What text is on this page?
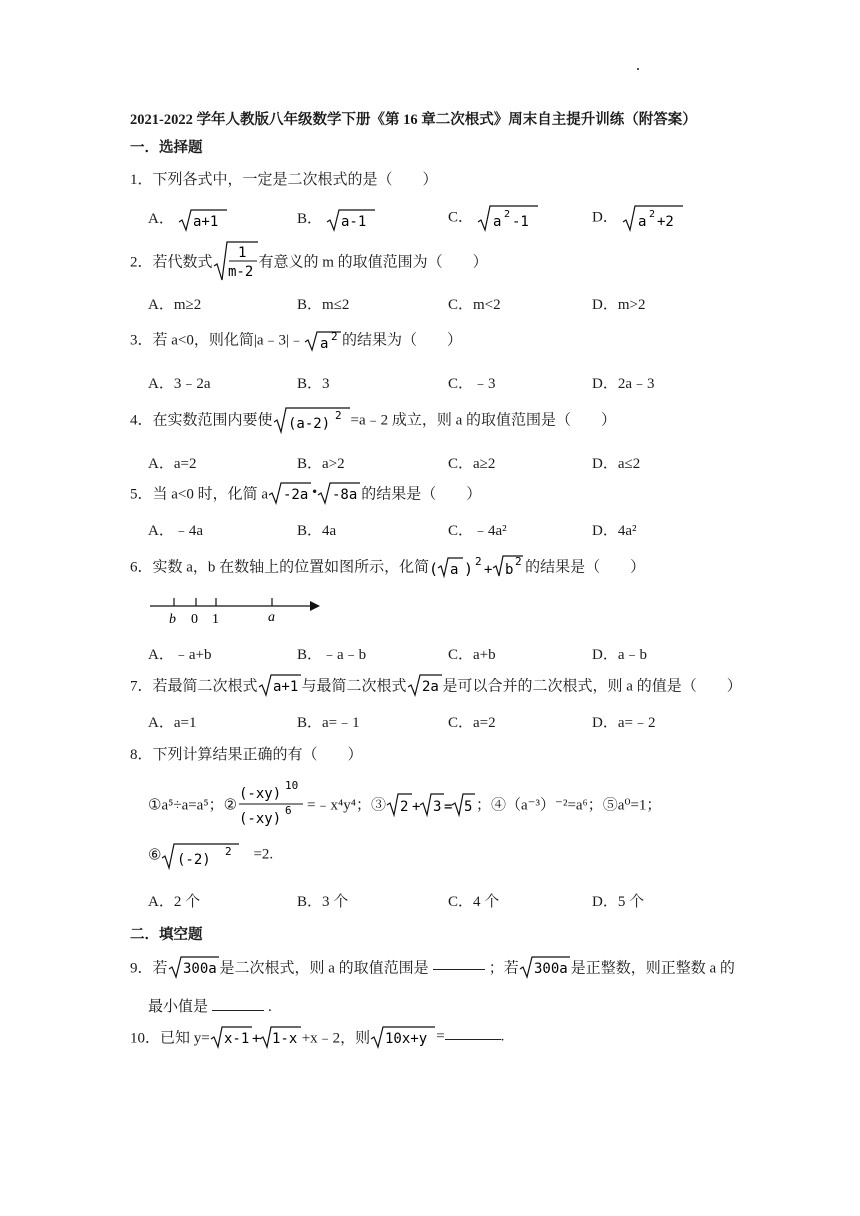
2021-2022 学年人教版八年级数学下册《第 16 章二次根式》周末自主提升训练（附答案）
一．选择题
1．下列各式中，一定是二次根式的是（　　）
A． a+1	B． a-1	C． a 2 -1	D． a 2 +2
2．若代数式
1
m-2
有意义的 m 的取值范围为（　　）
A．m≥2	B．m≤2	C．m<2	D．m>2
3．若 a<0，则化简|a﹣3|﹣ a 2 的结果为（　　）
A．3﹣2a	B．3	C．﹣3	D．2a﹣3
4．在实数范围内要使 (a-2)
2 =a﹣2 成立，则 a 的取值范围是（　　）
A．a=2	B．a>2	C．a≥2	D．a≤2
5．当 a<0 时，化简 a -2a • -8a 的结果是（　　）
A．﹣4a	B．4a	C．﹣4a²	D．4a²
6．实数 a，b 在数轴上的位置如图所示，化简 ( a ) 2
+ b
2 的结果是（　　）
b 0 1	a
A．﹣a+b	B．﹣a﹣b	C．a+b	D．a﹣b
7．若最简二次根式 a+1 与最简二次根式 2a 是可以合并的二次根式，则 a 的值是（　　）
A．a=1	B．a=﹣1	C．a=2	D．a=﹣2
8．下列计算结果正确的有（　　）
①a⁵÷a=a⁵；②
(-xy)
10
(-xy)
6 =﹣x⁴y⁴；③ 2 + 3 = 5 ；④（a⁻³）⁻²=a⁶；⑤a⁰=1；
⑥ (-2)
2 =2.
A．2 个	B．3 个	C．4 个	D．5 个
二．填空题
9．若 300a 是二次根式，则 a 的取值范围是	；若 300a 是正整数，则正整数 a 的
最小值是	.
10．已知 y= x-1 + 1-x +x﹣2，则 10x+y =	.
